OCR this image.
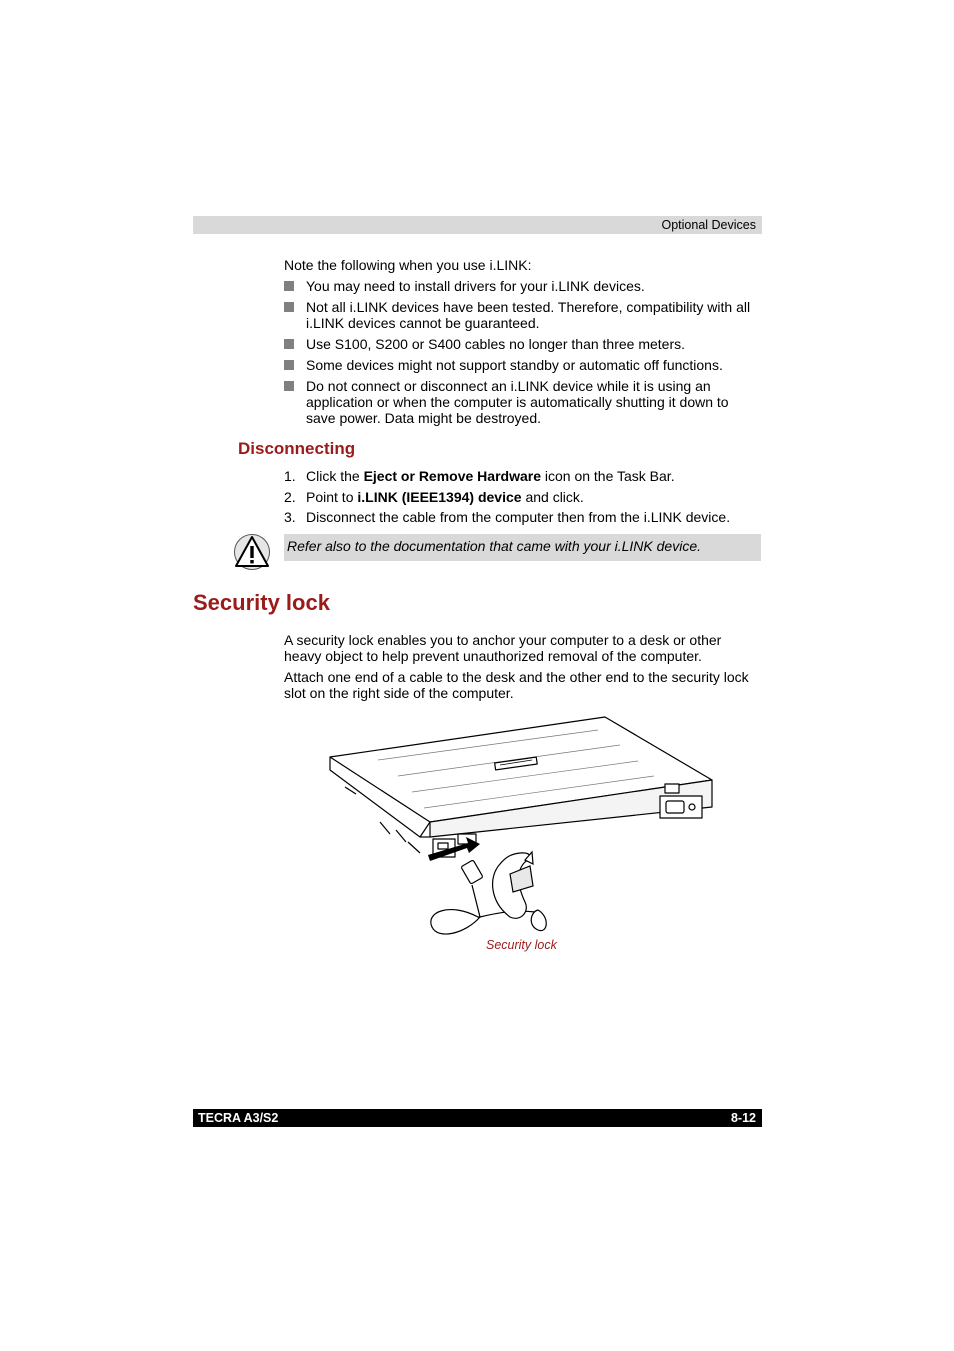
Optional Devices
Note the following when you use i.LINK:
You may need to install drivers for your i.LINK devices.
Not all i.LINK devices have been tested. Therefore, compatibility with all i.LINK devices cannot be guaranteed.
Use S100, S200 or S400 cables no longer than three meters.
Some devices might not support standby or automatic off functions.
Do not connect or disconnect an i.LINK device while it is using an application or when the computer is automatically shutting it down to save power. Data might be destroyed.
Disconnecting
1. Click the Eject or Remove Hardware icon on the Task Bar.
2. Point to i.LINK (IEEE1394) device and click.
3. Disconnect the cable from the computer then from the i.LINK device.
Refer also to the documentation that came with your i.LINK device.
Security lock
A security lock enables you to anchor your computer to a desk or other heavy object to help prevent unauthorized removal of the computer.
Attach one end of a cable to the desk and the other end to the security lock slot on the right side of the computer.
Security lock
TECRA A3/S2	8-12
